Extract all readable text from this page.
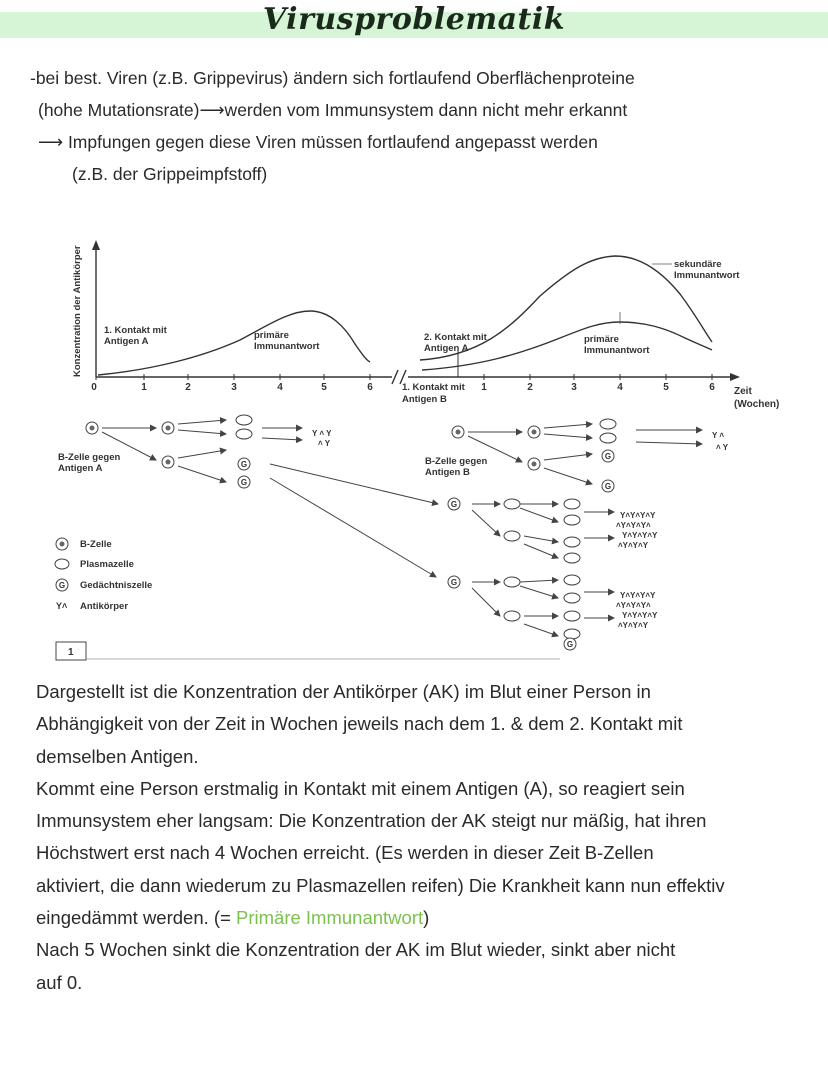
Virusproblematik

-bei best. Viren (z.B. Grippevirus) ändern sich fortlaufend Oberflächenproteine

(hohe Mutationsrate)⟶werden vom Immunsystem dann nicht mehr erkannt

⟶ Impfungen gegen diese Viren müssen fortlaufend angepasst werden

(z.B. der Grippeimpfstoff)

Konzentration der Antikörper
0	1	2	3	4	5	6	1	2	3	4	5	6 Zeit
(Wochen)
1. Kontakt mit
Antigen A
primäre
Immunantwort
2. Kontakt mit
Antigen A
1. Kontakt mit
Antigen B
primäre
Immunantwort
sekundäre
Immunantwort
B-Zelle gegen
Antigen A
B-Zelle gegen
Antigen B
G
G
G
G
G
G
G
Y ˄ Y
˄ Y
Y ˄
˄ Y
Y˄Y˄Y˄Y
˄Y˄Y˄Y˄
Y˄Y˄Y˄Y
˄Y˄Y˄Y
Y˄Y˄Y˄Y
˄Y˄Y˄Y˄
Y˄Y˄Y˄Y
˄Y˄Y˄Y
B-Zelle
Plasmazelle
G Gedächtniszelle
Y˄ Antikörper
1

Dargestellt ist die Konzentration der Antikörper (AK) im Blut einer Person in

Abhängigkeit von der Zeit in Wochen jeweils nach dem 1. & dem 2. Kontakt mit

demselben Antigen.

Kommt eine Person erstmalig in Kontakt mit einem Antigen (A), so reagiert sein

Immunsystem eher langsam: Die Konzentration der AK steigt nur mäßig, hat ihren

Höchstwert erst nach 4 Wochen erreicht. (Es werden in dieser Zeit B-Zellen

aktiviert, die dann wiederum zu Plasmazellen reifen) Die Krankheit kann nun effektiv

eingedämmt werden. (= Primäre Immunantwort)

Nach 5 Wochen sinkt die Konzentration der AK im Blut wieder, sinkt aber nicht

auf 0.
